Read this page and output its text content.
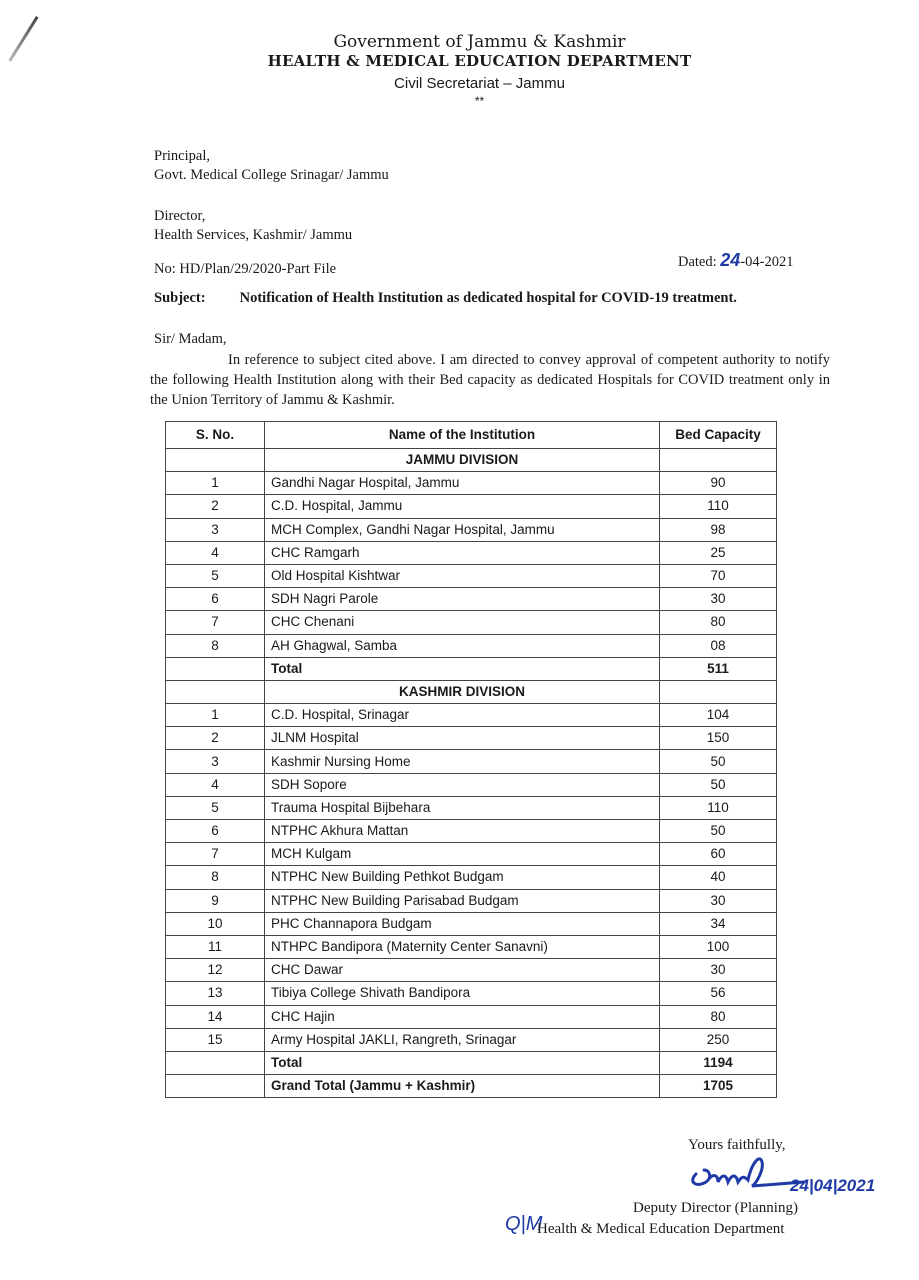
Government of Jammu & Kashmir
HEALTH & MEDICAL EDUCATION DEPARTMENT
Civil Secretariat – Jammu
**
Principal,
Govt. Medical College Srinagar/ Jammu
Director,
Health Services, Kashmir/ Jammu
Dated: 24-04-2021
No: HD/Plan/29/2020-Part File
Subject: Notification of Health Institution as dedicated hospital for COVID-19 treatment.
Sir/ Madam,
In reference to subject cited above. I am directed to convey approval of competent authority to notify the following Health Institution along with their Bed capacity as dedicated Hospitals for COVID treatment only in the Union Territory of Jammu & Kashmir.
S. No.	Name of the Institution	Bed Capacity
	JAMMU DIVISION	
1	Gandhi Nagar Hospital, Jammu	90
2	C.D. Hospital, Jammu	110
3	MCH Complex, Gandhi Nagar Hospital, Jammu	98
4	CHC Ramgarh	25
5	Old Hospital Kishtwar	70
6	SDH Nagri Parole	30
7	CHC Chenani	80
8	AH Ghagwal, Samba	08
	Total	511
	KASHMIR DIVISION	
1	C.D. Hospital, Srinagar	104
2	JLNM Hospital	150
3	Kashmir Nursing Home	50
4	SDH Sopore	50
5	Trauma Hospital Bijbehara	110
6	NTPHC Akhura Mattan	50
7	MCH Kulgam	60
8	NTPHC New Building Pethkot Budgam	40
9	NTPHC New Building Parisabad Budgam	30
10	PHC Channapora Budgam	34
11	NTHPC Bandipora (Maternity Center Sanavni)	100
12	CHC Dawar	30
13	Tibiya College Shivath Bandipora	56
14	CHC Hajin	80
15	Army Hospital JAKLI, Rangreth, Srinagar	250
	Total	1194
	Grand Total (Jammu + Kashmir)	1705
Yours faithfully,
24|04|2021
Deputy Director (Planning)
Q|M
Health & Medical Education Department
